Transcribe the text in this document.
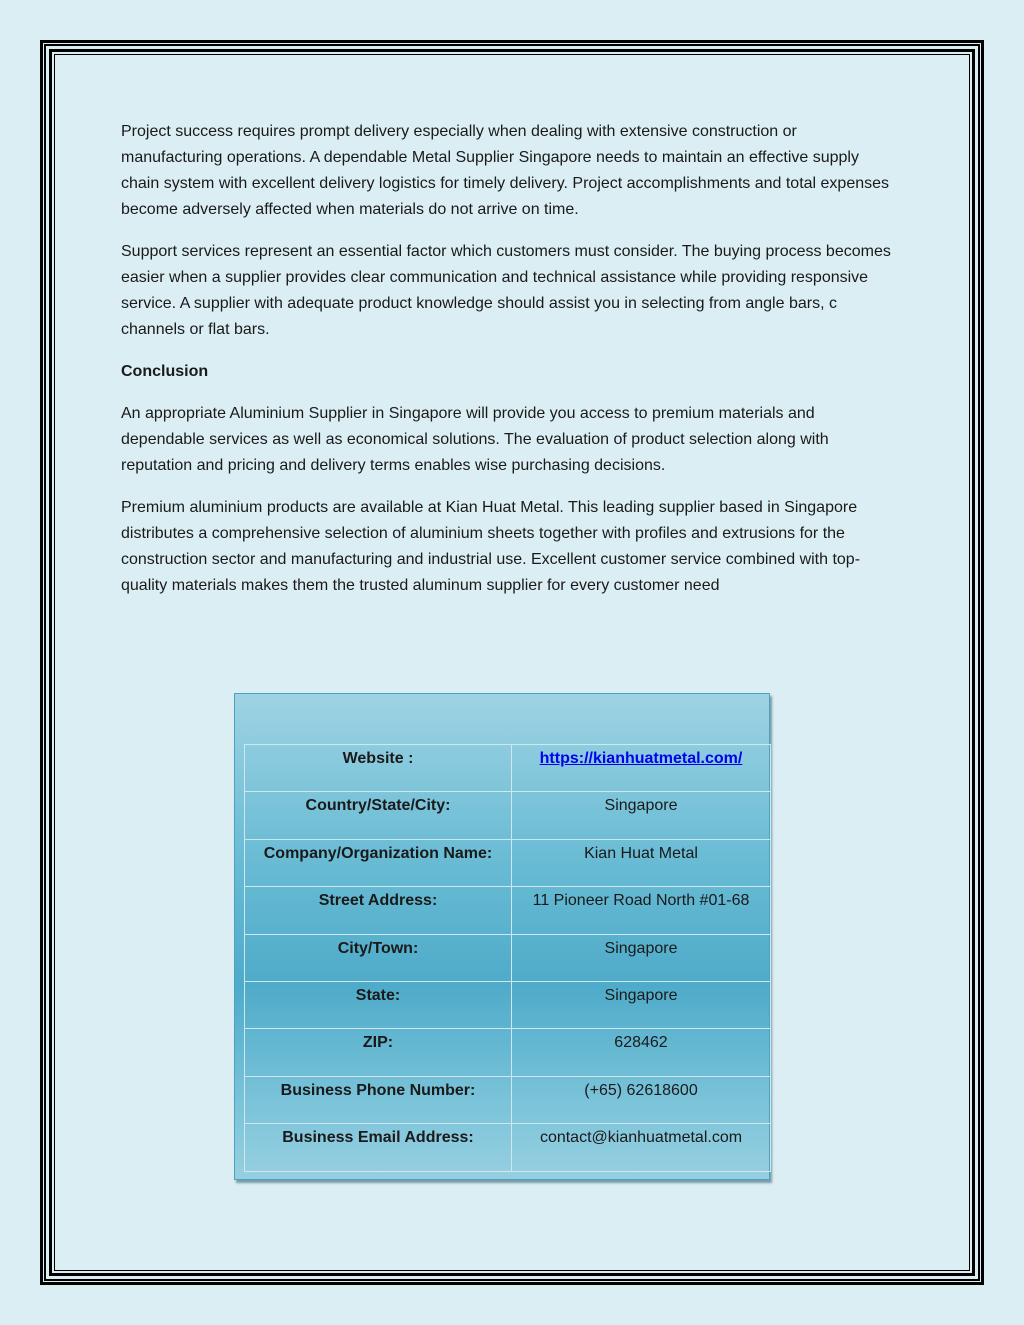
Project success requires prompt delivery especially when dealing with extensive construction or manufacturing operations. A dependable Metal Supplier Singapore needs to maintain an effective supply chain system with excellent delivery logistics for timely delivery. Project accomplishments and total expenses become adversely affected when materials do not arrive on time.

Support services represent an essential factor which customers must consider. The buying process becomes easier when a supplier provides clear communication and technical assistance while providing responsive service. A supplier with adequate product knowledge should assist you in selecting from angle bars, c channels or flat bars.

Conclusion

An appropriate Aluminium Supplier in Singapore will provide you access to premium materials and dependable services as well as economical solutions. The evaluation of product selection along with reputation and pricing and delivery terms enables wise purchasing decisions.

Premium aluminium products are available at Kian Huat Metal. This leading supplier based in Singapore distributes a comprehensive selection of aluminium sheets together with profiles and extrusions for the construction sector and manufacturing and industrial use. Excellent customer service combined with top-quality materials makes them the trusted aluminum supplier for every customer need

Website :	https://kianhuatmetal.com/
Country/State/City:	Singapore
Company/Organization Name:	Kian Huat Metal
Street Address:	11 Pioneer Road North #01-68
City/Town:	Singapore
State:	Singapore
ZIP:	628462
Business Phone Number:	(+65) 62618600
Business Email Address:	contact@kianhuatmetal.com
